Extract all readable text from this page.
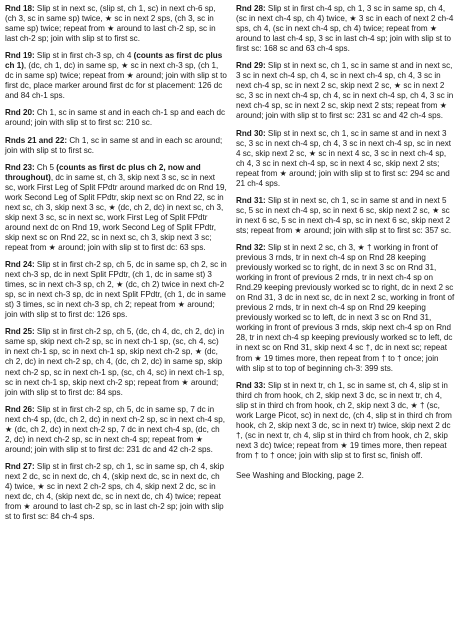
Rnd 18: Slip st in next sc, (slip st, ch 1, sc) in next ch-6 sp, (ch 3, sc in same sp) twice, ★ sc in next 2 sps, (ch 3, sc in same sp) twice; repeat from ★ around to last ch-2 sp, sc in last ch-2 sp; join with slip st to first sc.

Rnd 19: Slip st in first ch-3 sp, ch 4 (counts as first dc plus ch 1), (dc, ch 1, dc) in same sp, ★ sc in next ch-3 sp, (ch 1, dc in same sp) twice; repeat from ★ around; join with slip st to first dc, place marker around first dc for st placement: 126 dc and 84 ch-1 sps.

Rnd 20: Ch 1, sc in same st and in each ch-1 sp and each dc around; join with slip st to first sc: 210 sc.

Rnds 21 and 22: Ch 1, sc in same st and in each sc around; join with slip st to first sc.

Rnd 23: Ch 5 (counts as first dc plus ch 2, now and throughout), dc in same st, ch 3, skip next 3 sc, sc in next sc, work First Leg of Split FPdtr around marked dc on Rnd 19, work Second Leg of Split FPdtr, skip next sc on Rnd 22, sc in next sc, ch 3, skip next 3 sc, ★ (dc, ch 2, dc) in next sc, ch 3, skip next 3 sc, sc in next sc, work First Leg of Split FPdtr around next dc on Rnd 19, work Second Leg of Split FPdtr, skip next sc on Rnd 22, sc in next sc, ch 3, skip next 3 sc; repeat from ★ around; join with slip st to first dc: 63 sps.

Rnd 24: Slip st in first ch-2 sp, ch 5, dc in same sp, ch 2, sc in next ch-3 sp, dc in next Split FPdtr, (ch 1, dc in same st) 3 times, sc in next ch-3 sp, ch 2, ★ (dc, ch 2) twice in next ch-2 sp, sc in next ch-3 sp, dc in next Split FPdtr, (ch 1, dc in same st) 3 times, sc in next ch-3 sp, ch 2; repeat from ★ around; join with slip st to first dc: 126 sps.

Rnd 25: Slip st in first ch-2 sp, ch 5, (dc, ch 4, dc, ch 2, dc) in same sp, skip next ch-2 sp, sc in next ch-1 sp, (sc, ch 4, sc) in next ch-1 sp, sc in next ch-1 sp, skip next ch-2 sp, ★ (dc, ch 2, dc) in next ch-2 sp, ch 4, (dc, ch 2, dc) in same sp, skip next ch-2 sp, sc in next ch-1 sp, (sc, ch 4, sc) in next ch-1 sp, sc in next ch-1 sp, skip next ch-2 sp; repeat from ★ around; join with slip st to first dc: 84 sps.

Rnd 26: Slip st in first ch-2 sp, ch 5, dc in same sp, 7 dc in next ch-4 sp, (dc, ch 2, dc) in next ch-2 sp, sc in next ch-4 sp, ★ (dc, ch 2, dc) in next ch-2 sp, 7 dc in next ch-4 sp, (dc, ch 2, dc) in next ch-2 sp, sc in next ch-4 sp; repeat from ★ around; join with slip st to first dc: 231 dc and 42 ch-2 sps.

Rnd 27: Slip st in first ch-2 sp, ch 1, sc in same sp, ch 4, skip next 2 dc, sc in next dc, ch 4, (skip next dc, sc in next dc, ch 4) twice, ★ sc in next 2 ch-2 sps, ch 4, skip next 2 dc, sc in next dc, ch 4, (skip next dc, sc in next dc, ch 4) twice; repeat from ★ around to last ch-2 sp, sc in last ch-2 sp; join with slip st to first sc: 84 ch-4 sps.

Rnd 28: Slip st in first ch-4 sp, ch 1, 3 sc in same sp, ch 4, (sc in next ch-4 sp, ch 4) twice, ★ 3 sc in each of next 2 ch-4 sps, ch 4, (sc in next ch-4 sp, ch 4) twice; repeat from ★ around to last ch-4 sp, 3 sc in last ch-4 sp; join with slip st to first sc: 168 sc and 63 ch-4 sps.

Rnd 29: Slip st in next sc, ch 1, sc in same st and in next sc, 3 sc in next ch-4 sp, ch 4, sc in next ch-4 sp, ch 4, 3 sc in next ch-4 sp, sc in next 2 sc, skip next 2 sc, ★ sc in next 2 sc, 3 sc in next ch-4 sp, ch 4, sc in next ch-4 sp, ch 4, 3 sc in next ch-4 sp, sc in next 2 sc, skip next 2 sts; repeat from ★ around; join with slip st to first sc: 231 sc and 42 ch-4 sps.

Rnd 30: Slip st in next sc, ch 1, sc in same st and in next 3 sc, 3 sc in next ch-4 sp, ch 4, 3 sc in next ch-4 sp, sc in next 4 sc, skip next 2 sc, ★ sc in next 4 sc, 3 sc in next ch-4 sp, ch 4, 3 sc in next ch-4 sp, sc in next 4 sc, skip next 2 sts; repeat from ★ around; join with slip st to first sc: 294 sc and 21 ch-4 sps.

Rnd 31: Slip st in next sc, ch 1, sc in same st and in next 5 sc, 5 sc in next ch-4 sp, sc in next 6 sc, skip next 2 sc, ★ sc in next 6 sc, 5 sc in next ch-4 sp, sc in next 6 sc, skip next 2 sts; repeat from ★ around; join with slip st to first sc: 357 sc.

Rnd 32: Slip st in next 2 sc, ch 3, ★ † working in front of previous 3 rnds, tr in next ch-4 sp on Rnd 28 keeping previously worked sc to right, dc in next 3 sc on Rnd 31, working in front of previous 2 rnds, tr in next ch-4 sp on Rnd.29 keeping previously worked sc to right, dc in next 2 sc on Rnd 31, 3 dc in next sc, dc in next 2 sc, working in front of previous 2 rnds, tr in next ch-4 sp on Rnd 29 keeping previously worked sc to left, dc in next 3 sc on Rnd 31, working in front of previous 3 rnds, skip next ch-4 sp on Rnd 28, tr in next ch-4 sp keeping previously worked sc to left, dc in next sc on Rnd 31, skip next 4 sc †, dc in next sc; repeat from ★ 19 times more, then repeat from † to † once; join with slip st to top of beginning ch-3: 399 sts.

Rnd 33: Slip st in next tr, ch 1, sc in same st, ch 4, slip st in third ch from hook, ch 2, skip next 3 dc, sc in next tr, ch 4, slip st in third ch from hook, ch 2, skip next 3 dc, ★ † (sc, work Large Picot, sc) in next dc, (ch 4, slip st in third ch from hook, ch 2, skip next 3 dc, sc in next tr) twice, skip next 2 dc †, (sc in next tr, ch 4, slip st in third ch from hook, ch 2, skip next 3 dc) twice; repeat from ★ 19 times more, then repeat from † to † once; join with slip st to first sc, finish off.

See Washing and Blocking, page 2.
